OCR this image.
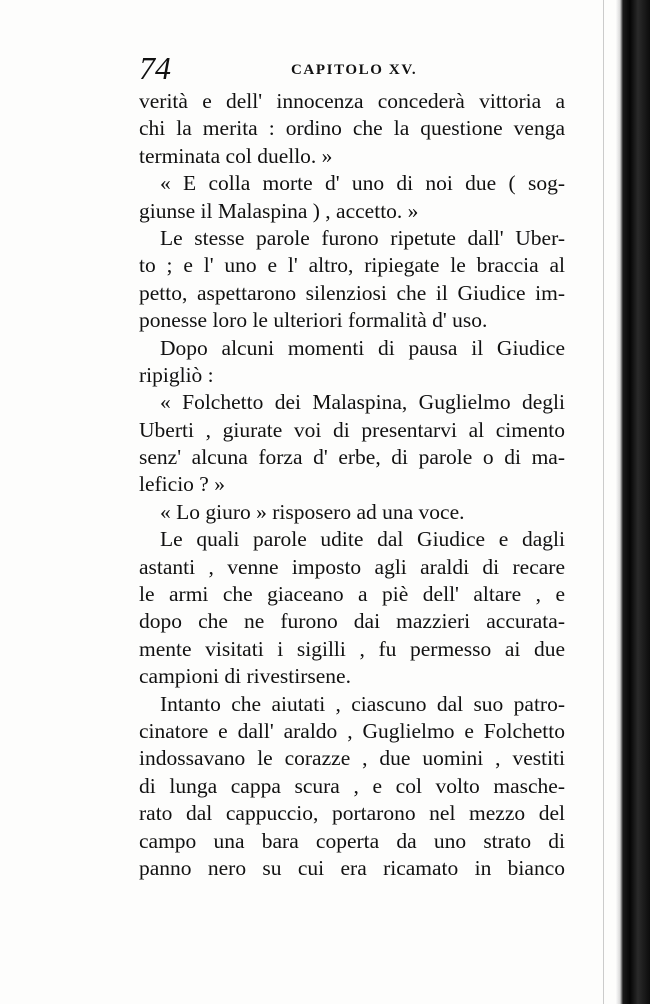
74	CAPITOLO XV.
verità e dell' innocenza concederà vittoria a
chi la merita : ordino che la questione venga
terminata col duello. »
« E colla morte d' uno di noi due ( sog-
giunse il Malaspina ) , accetto. »
Le stesse parole furono ripetute dall' Uber-
to ; e l' uno e l' altro, ripiegate le braccia al
petto, aspettarono silenziosi che il Giudice im-
ponesse loro le ulteriori formalità d' uso.
Dopo alcuni momenti di pausa il Giudice
ripigliò :
« Folchetto dei Malaspina, Guglielmo degli
Uberti , giurate voi di presentarvi al cimento
senz' alcuna forza d' erbe, di parole o di ma-
leficio ? »
« Lo giuro » risposero ad una voce.
Le quali parole udite dal Giudice e dagli
astanti , venne imposto agli araldi di recare
le armi che giaceano a piè dell' altare , e
dopo che ne furono dai mazzieri accurata-
mente visitati i sigilli , fu permesso ai due
campioni di rivestirsene.
Intanto che aiutati , ciascuno dal suo patro-
cinatore e dall' araldo , Guglielmo e Folchetto
indossavano le corazze , due uomini , vestiti
di lunga cappa scura , e col volto masche-
rato dal cappuccio, portarono nel mezzo del
campo una bara coperta da uno strato di
panno nero su cui era ricamato in bianco
